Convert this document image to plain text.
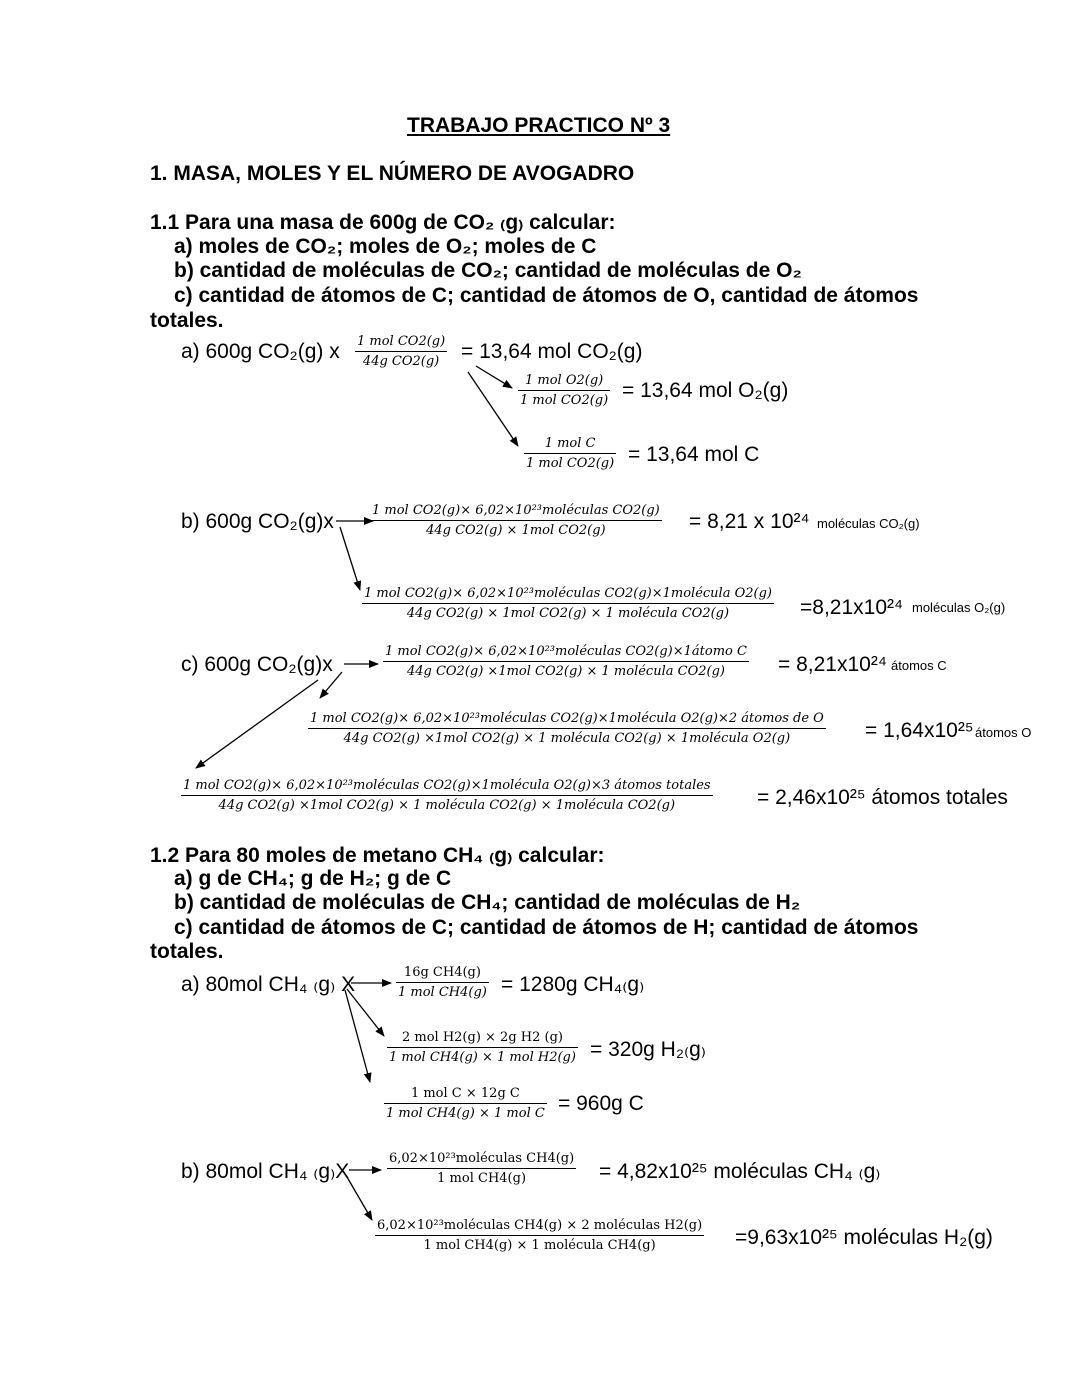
TRABAJO PRACTICO Nº 3
1. MASA, MOLES Y EL NÚMERO DE AVOGADRO
1.1 Para una masa de 600g de CO₂ ₍g₎ calcular:
a) moles de CO₂; moles de O₂; moles de C
b) cantidad de moléculas de CO₂; cantidad de moléculas de O₂
c) cantidad de átomos de C; cantidad de átomos de O, cantidad de átomos
totales.
a) 600g CO₂(g) x 1 mol CO2(g)
44g CO2(g)	= 13,64 mol CO₂(g)
1 mol O2(g)
1 mol CO2(g) = 13,64 mol O₂(g)
1 mol C
1 mol CO2(g) = 13,64 mol C
b) 600g CO₂(g)x	1 mol CO2(g)× 6,02×10²³moléculas CO2(g)
44g CO2(g) × 1mol CO2(g)	= 8,21 x 10²⁴ moléculas CO₂(g)
1 mol CO2(g)× 6,02×10²³moléculas CO2(g)×1molécula O2(g)
44g CO2(g) × 1mol CO2(g) × 1 molécula CO2(g)	=8,21x10²⁴ moléculas O₂(g)
c) 600g CO₂(g)x
1 mol CO2(g)× 6,02×10²³moléculas CO2(g)×1átomo C
44g CO2(g) ×1mol CO2(g) × 1 molécula CO2(g)	= 8,21x10²⁴ átomos C
1 mol CO2(g)× 6,02×10²³moléculas CO2(g)×1molécula O2(g)×2 átomos de O
44g CO2(g) ×1mol CO2(g) × 1 molécula CO2(g) × 1molécula O2(g)	= 1,64x10²⁵ átomos O
1 mol CO2(g)× 6,02×10²³moléculas CO2(g)×1molécula O2(g)×3 átomos totales
44g CO2(g) ×1mol CO2(g) × 1 molécula CO2(g) × 1molécula CO2(g)	= 2,46x10²⁵ átomos totales
1.2 Para 80 moles de metano CH₄ ₍g₎ calcular:
a) g de CH₄; g de H₂; g de C
b) cantidad de moléculas de CH₄; cantidad de moléculas de H₂
c) cantidad de átomos de C; cantidad de átomos de H; cantidad de átomos
totales.
a) 80mol CH₄ ₍g₎ X
16g CH4(g)
1 mol CH4(g) = 1280g CH₄₍g₎
2 mol H2(g) × 2g H2 (g)
1 mol CH4(g) × 1 mol H2(g) = 320g H₂₍g₎
1 mol C × 12g C
1 mol CH4(g) × 1 mol C = 960g C
b) 80mol CH₄ ₍g₎X
6,02×10²³moléculas CH4(g)
1 mol CH4(g)	= 4,82x10²⁵ moléculas CH₄ ₍g₎
6,02×10²³moléculas CH4(g) × 2 moléculas H2(g)
1 mol CH4(g) × 1 molécula CH4(g)	=9,63x10²⁵ moléculas H₂(g)
